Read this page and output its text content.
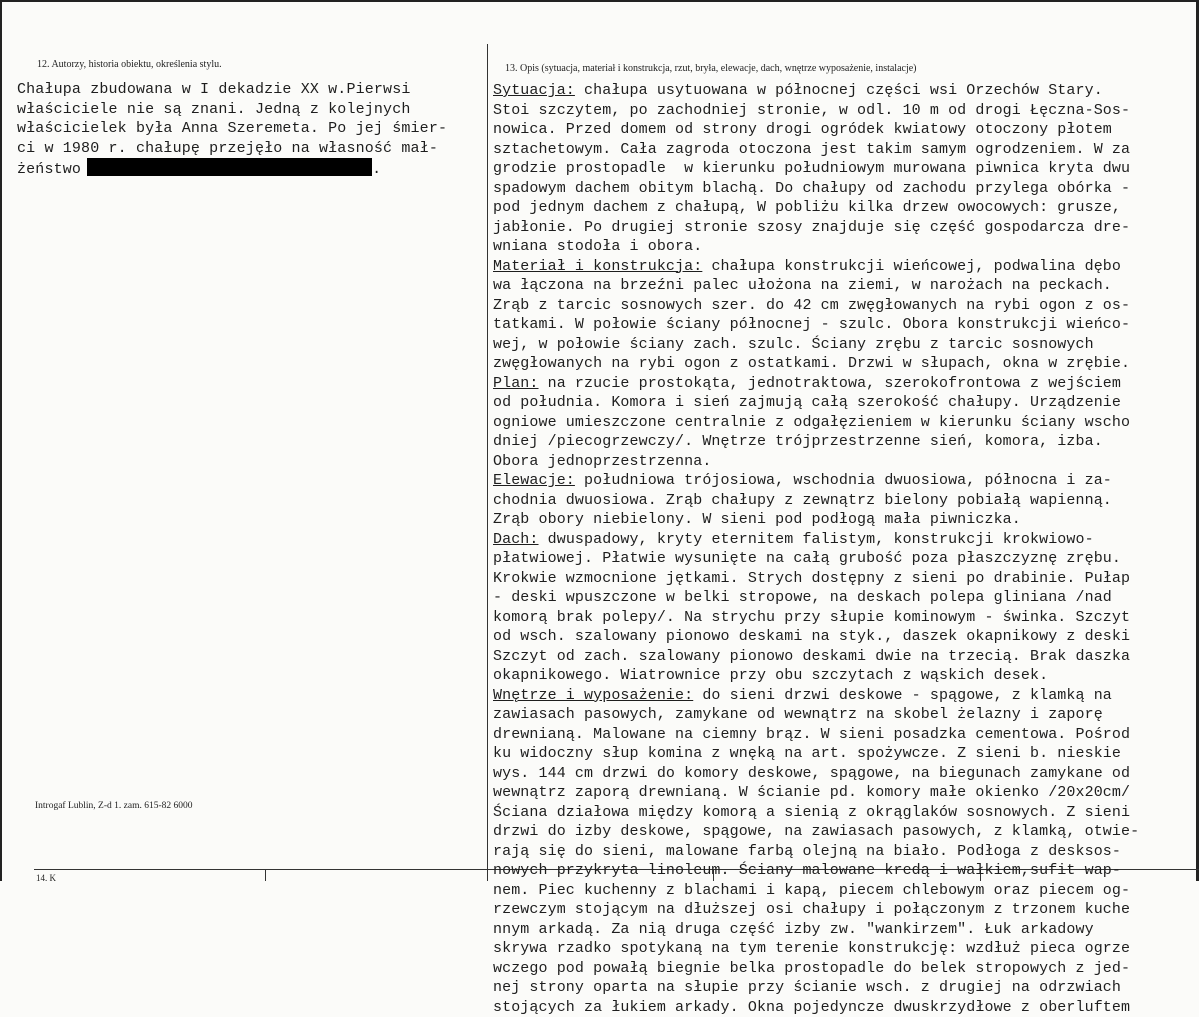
12. Autorzy, historia obiektu, określenia stylu.
Chałupa zbudowana w I dekadzie XX w.Pierwsi
właściciele nie są znani. Jedną z kolejnych
właścicielek była Anna Szeremeta. Po jej śmier-
ci w 1980 r. chałupę przejęło na własność mał-
żeństwo	.
Introgaf Lublin, Z-d 1. zam. 615-82 6000
13. Opis (sytuacja, materiał i konstrukcja, rzut, bryła, elewacje, dach, wnętrze wyposażenie, instalacje)
Sytuacja: chałupa usytuowana w północnej części wsi Orzechów Stary.
Stoi szczytem, po zachodniej stronie, w odl. 10 m od drogi Łęczna-Sos-
nowica. Przed domem od strony drogi ogródek kwiatowy otoczony płotem
sztachetowym. Cała zagroda otoczona jest takim samym ogrodzeniem. W za
grodzie prostopadle  w kierunku południowym murowana piwnica kryta dwu
spadowym dachem obitym blachą. Do chałupy od zachodu przylega obórka -
pod jednym dachem z chałupą, W pobliżu kilka drzew owocowych: grusze,
jabłonie. Po drugiej stronie szosy znajduje się część gospodarcza dre-
wniana stodoła i obora.
Materiał i konstrukcja: chałupa konstrukcji wieńcowej, podwalina dębo
wa łączona na brzeźni palec ułożona na ziemi, w narożach na peckach.
Zrąb z tarcic sosnowych szer. do 42 cm zwęgłowanych na rybi ogon z os-
tatkami. W połowie ściany północnej - szulc. Obora konstrukcji wieńco-
wej, w połowie ściany zach. szulc. Ściany zrębu z tarcic sosnowych
zwęgłowanych na rybi ogon z ostatkami. Drzwi w słupach, okna w zrębie.
Plan: na rzucie prostokąta, jednotraktowa, szerokofrontowa z wejściem
od południa. Komora i sień zajmują całą szerokość chałupy. Urządzenie
ogniowe umieszczone centralnie z odgałęzieniem w kierunku ściany wscho
dniej /piecogrzewczy/. Wnętrze trójprzestrzenne sień, komora, izba.
Obora jednoprzestrzenna.
Elewacje: południowa trójosiowa, wschodnia dwuosiowa, północna i za-
chodnia dwuosiowa. Zrąb chałupy z zewnątrz bielony pobiałą wapienną.
Zrąb obory niebielony. W sieni pod podłogą mała piwniczka.
Dach: dwuspadowy, kryty eternitem falistym, konstrukcji krokwiowo-
płatwiowej. Płatwie wysunięte na całą grubość poza płaszczyznę zrębu.
Krokwie wzmocnione jętkami. Strych dostępny z sieni po drabinie. Pułap
- deski wpuszczone w belki stropowe, na deskach polepa gliniana /nad
komorą brak polepy/. Na strychu przy słupie kominowym - świnka. Szczyt
od wsch. szalowany pionowo deskami na styk., daszek okapnikowy z deski
Szczyt od zach. szalowany pionowo deskami dwie na trzecią. Brak daszka
okapnikowego. Wiatrownice przy obu szczytach z wąskich desek.
Wnętrze i wyposażenie: do sieni drzwi deskowe - spągowe, z klamką na
zawiasach pasowych, zamykane od wewnątrz na skobel żelazny i zaporę
drewnianą. Malowane na ciemny brąz. W sieni posadzka cementowa. Pośrod
ku widoczny słup komina z wnęką na art. spożywcze. Z sieni b. nieskie
wys. 144 cm drzwi do komory deskowe, spągowe, na biegunach zamykane od
wewnątrz zaporą drewnianą. W ścianie pd. komory małe okienko /20x20cm/
Ściana działowa między komorą a sienią z okrąglaków sosnowych. Z sieni
drzwi do izby deskowe, spągowe, na zawiasach pasowych, z klamką, otwie-
rają się do sieni, malowane farbą olejną na biało. Podłoga z desksos-
nowych przykryta linoleum. Ściany malowane kredą i wałkiem,sufit wap-
nem. Piec kuchenny z blachami i kapą, piecem chlebowym oraz piecem og-
rzewczym stojącym na dłuższej osi chałupy i połączonym z trzonem kuche
nnym arkadą. Za nią druga część izby zw. "wankirzem". Łuk arkadowy
skrywa rzadko spotykaną na tym terenie konstrukcję: wzdłuż pieca ogrze
wczego pod powałą biegnie belka prostopadle do belek stropowych z jed-
nej strony oparta na słupie przy ścianie wsch. z drugiej na odrzwiach
stojących za łukiem arkady. Okna pojedyncze dwuskrzydłowe z oberluftem
14. K
